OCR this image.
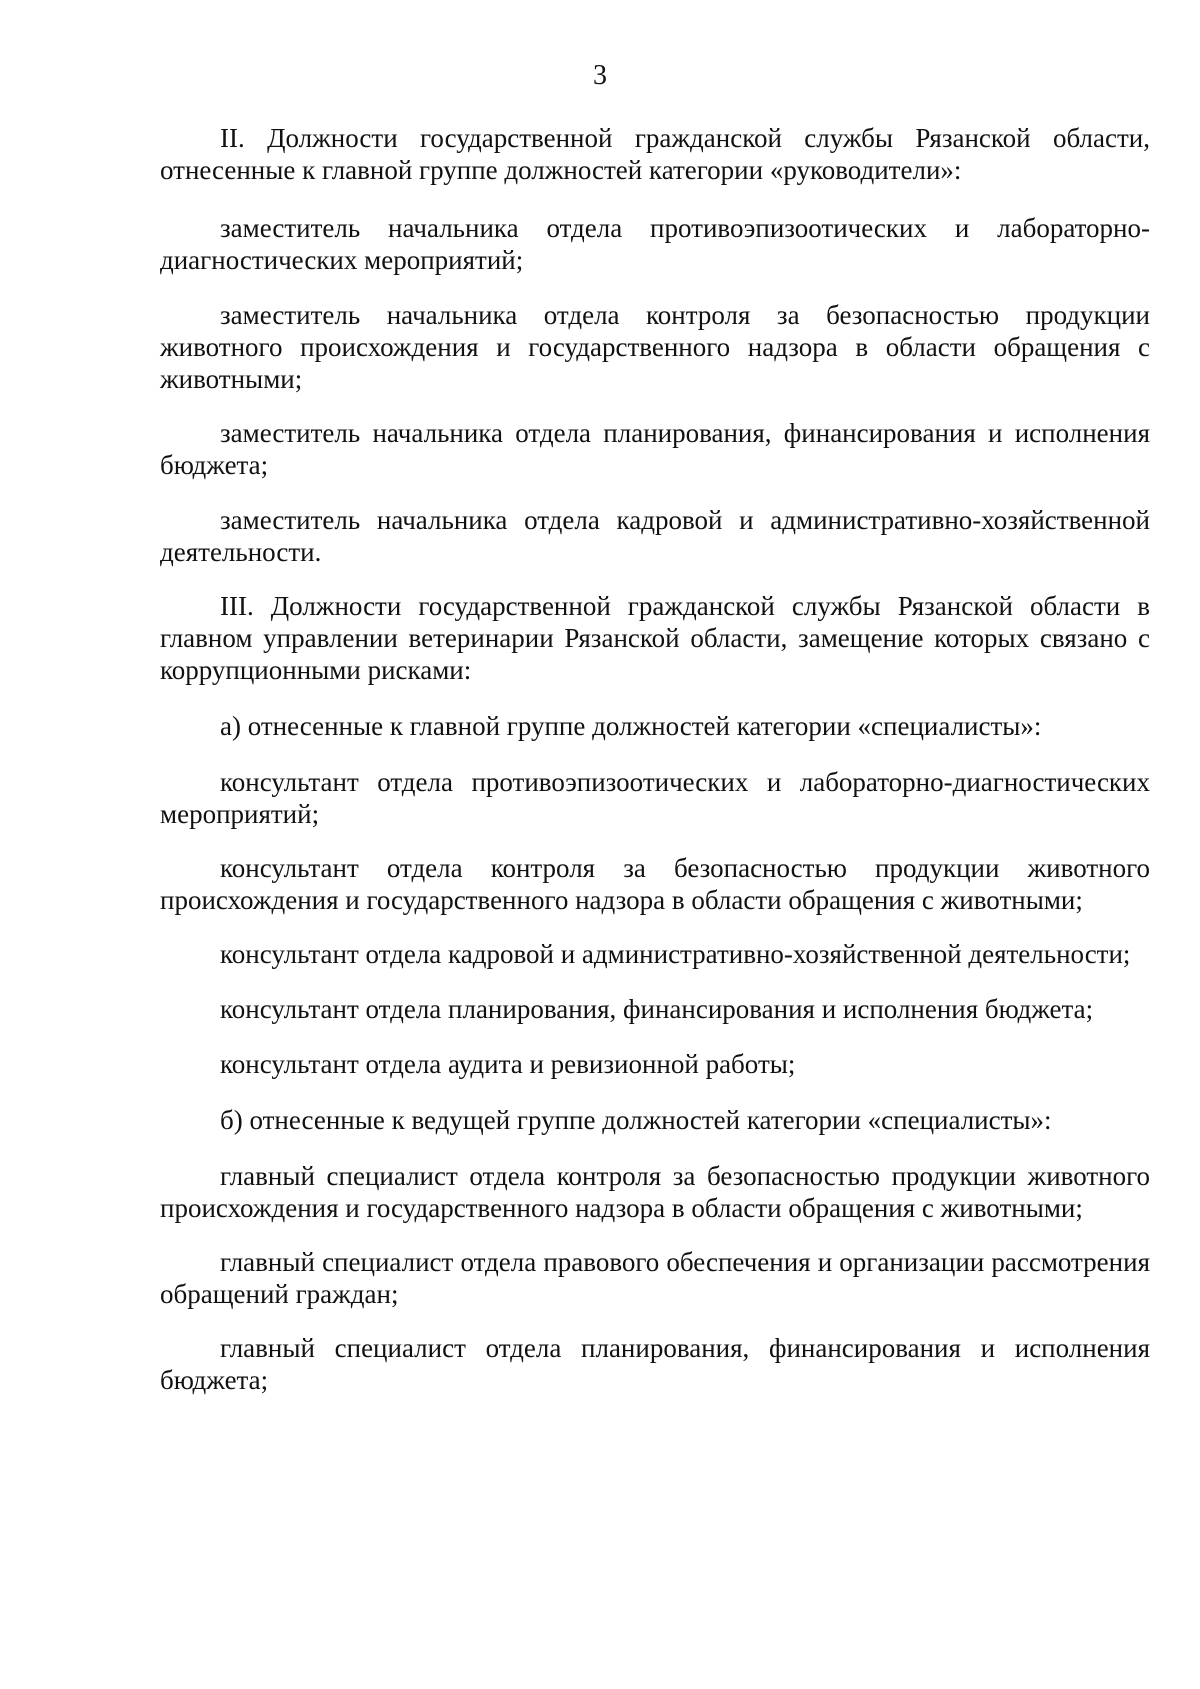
3

II. Должности государственной гражданской службы Рязанской области, отнесенные к главной группе должностей категории «руководители»:

заместитель начальника отдела противоэпизоотических и лабораторно-диагностических мероприятий;

заместитель начальника отдела контроля за безопасностью продукции животного происхождения и государственного надзора в области обращения с животными;

заместитель начальника отдела планирования, финансирования и исполнения бюджета;

заместитель начальника отдела кадровой и административно-хозяйственной деятельности.

III. Должности государственной гражданской службы Рязанской области в главном управлении ветеринарии Рязанской области, замещение которых связано с коррупционными рисками:

а) отнесенные к главной группе должностей категории «специалисты»:

консультант отдела противоэпизоотических и лабораторно-диагностических мероприятий;

консультант отдела контроля за безопасностью продукции животного происхождения и государственного надзора в области обращения с животными;

консультант отдела кадровой и административно-хозяйственной деятельности;

консультант отдела планирования, финансирования и исполнения бюджета;

консультант отдела аудита и ревизионной работы;

б) отнесенные к ведущей группе должностей категории «специалисты»:

главный специалист отдела контроля за безопасностью продукции животного происхождения и государственного надзора в области обращения с животными;

главный специалист отдела правового обеспечения и организации рассмотрения обращений граждан;

главный специалист отдела планирования, финансирования и исполнения бюджета;
